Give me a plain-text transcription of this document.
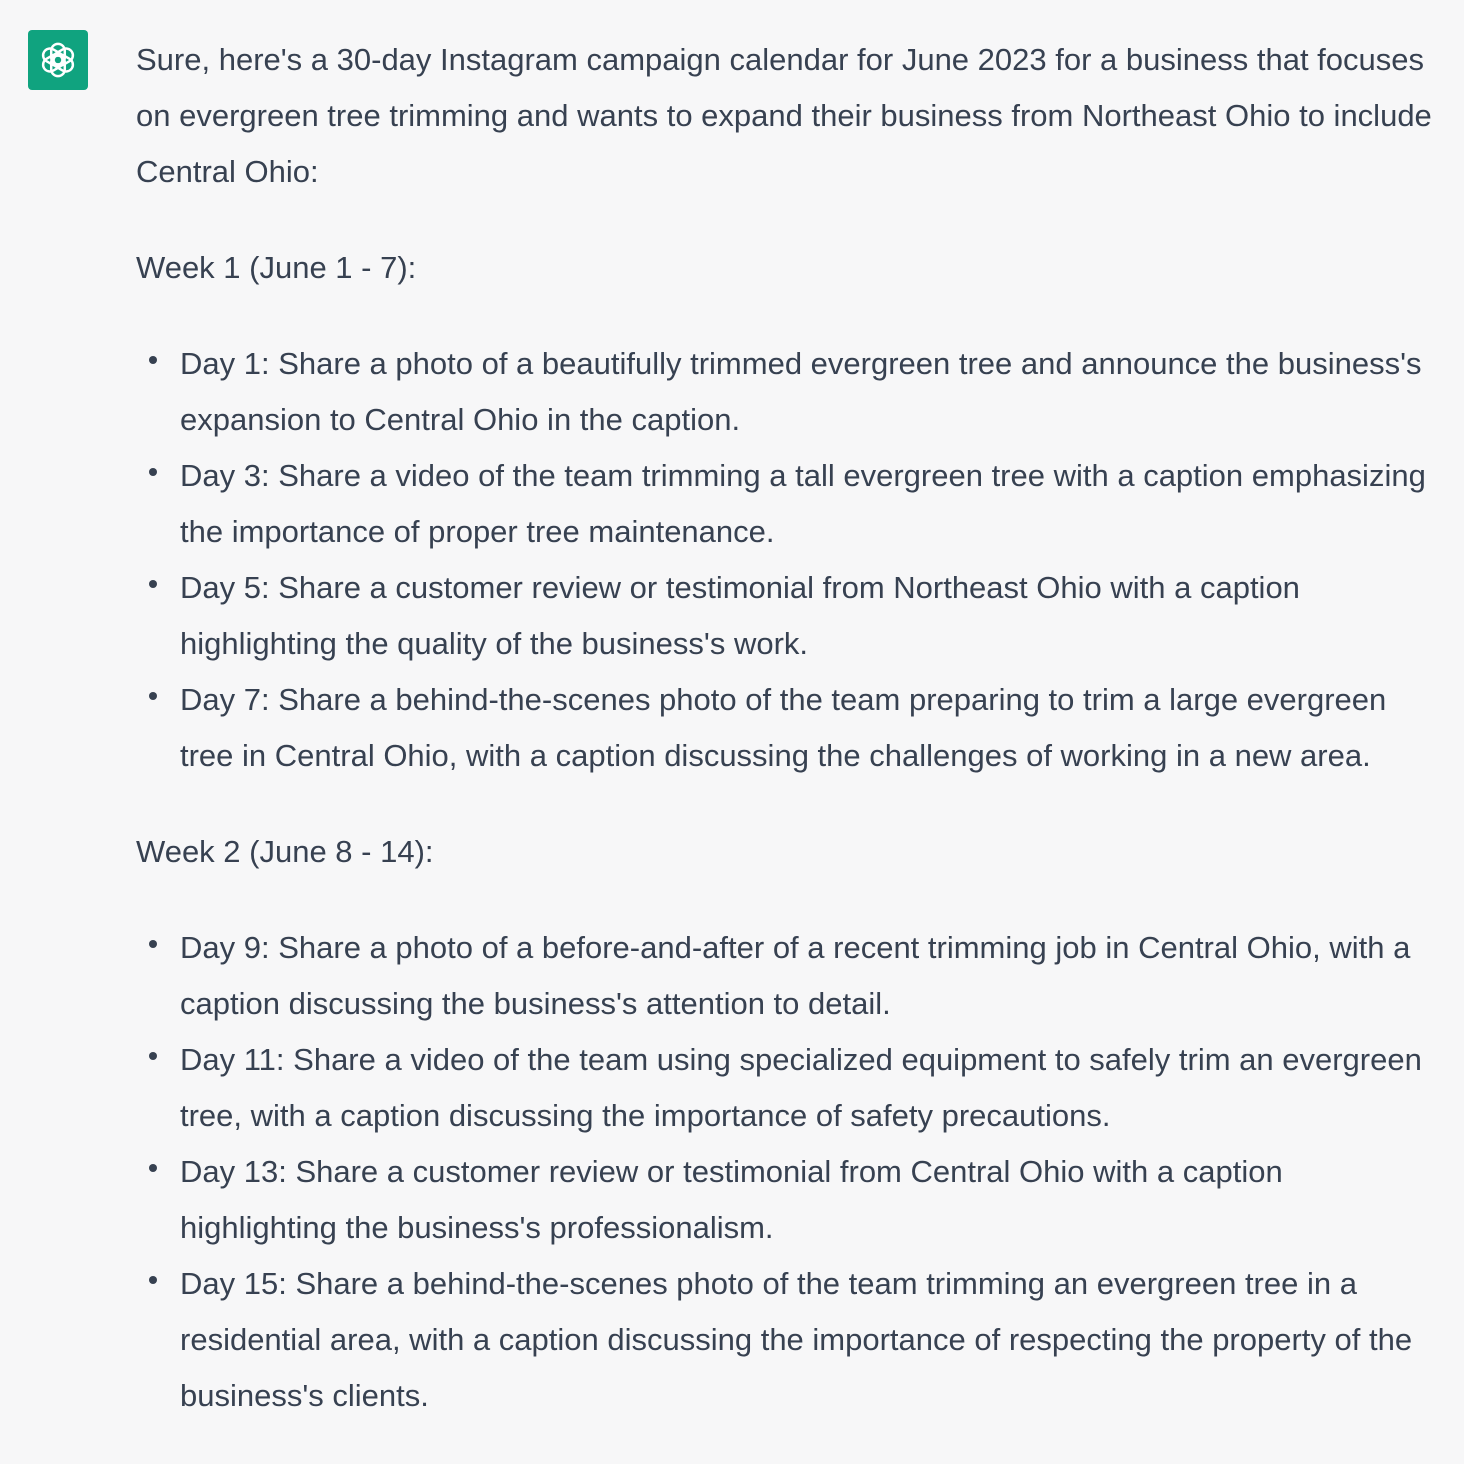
Sure, here's a 30-day Instagram campaign calendar for June 2023 for a business that focuses on evergreen tree trimming and wants to expand their business from Northeast Ohio to include Central Ohio:

Week 1 (June 1 - 7):

Day 1: Share a photo of a beautifully trimmed evergreen tree and announce the business's expansion to Central Ohio in the caption.
Day 3: Share a video of the team trimming a tall evergreen tree with a caption emphasizing the importance of proper tree maintenance.
Day 5: Share a customer review or testimonial from Northeast Ohio with a caption highlighting the quality of the business's work.
Day 7: Share a behind-the-scenes photo of the team preparing to trim a large evergreen tree in Central Ohio, with a caption discussing the challenges of working in a new area.

Week 2 (June 8 - 14):

Day 9: Share a photo of a before-and-after of a recent trimming job in Central Ohio, with a caption discussing the business's attention to detail.
Day 11: Share a video of the team using specialized equipment to safely trim an evergreen tree, with a caption discussing the importance of safety precautions.
Day 13: Share a customer review or testimonial from Central Ohio with a caption highlighting the business's professionalism.
Day 15: Share a behind-the-scenes photo of the team trimming an evergreen tree in a residential area, with a caption discussing the importance of respecting the property of the business's clients.
